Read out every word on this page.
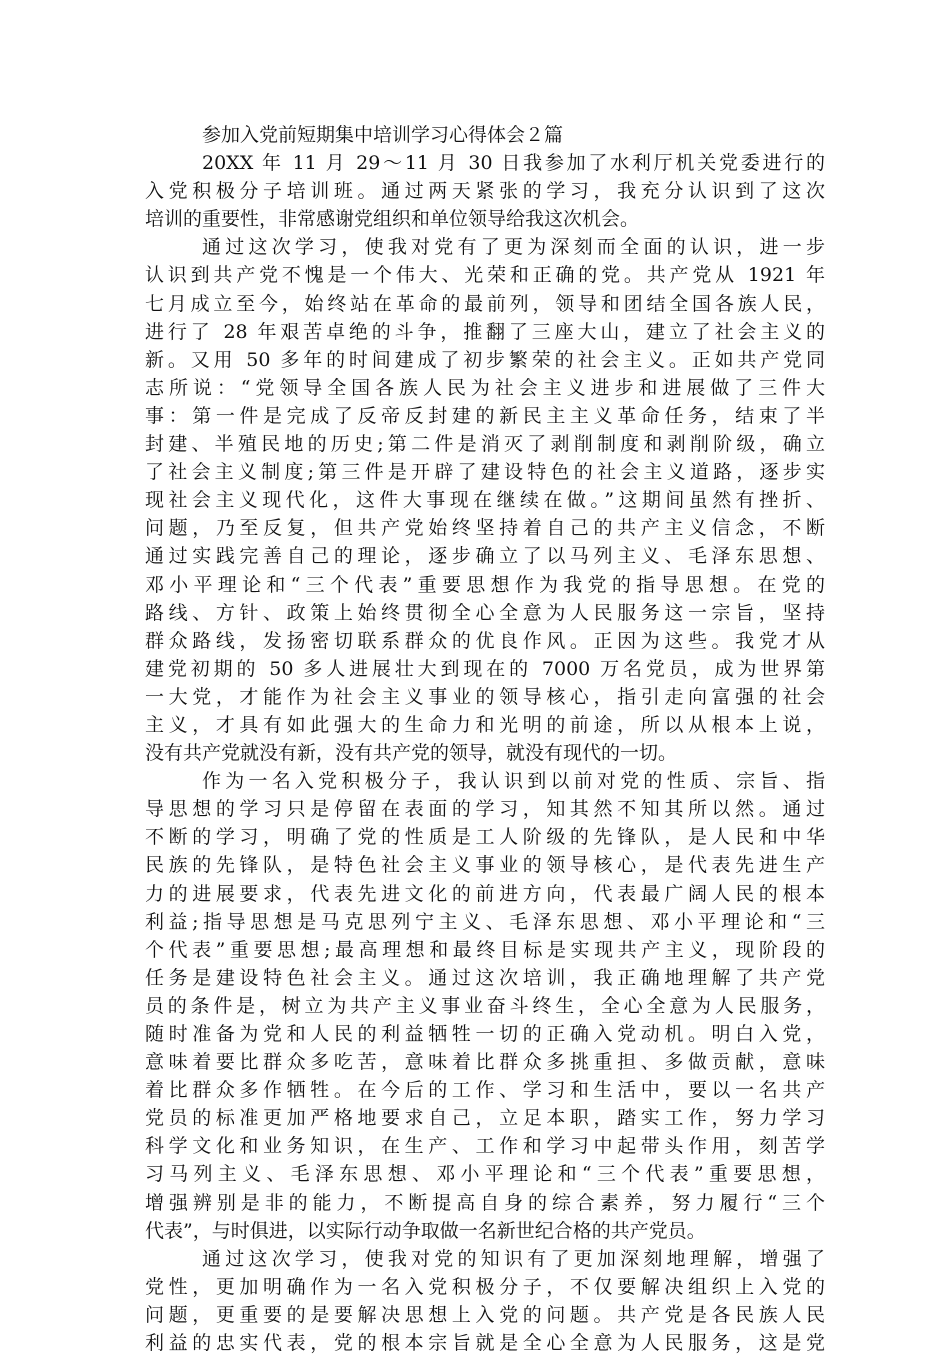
参加入党前短期集中培训学习心得体会２篇
20XX 年 11 月 29～11 月 30 日我参加了水利厅机关党委进行的
入党积极分子培训班。通过两天紧张的学习，我充分认识到了这次
培训的重要性，非常感谢党组织和单位领导给我这次机会。
通过这次学习，使我对党有了更为深刻而全面的认识，进一步
认识到共产党不愧是一个伟大、光荣和正确的党。共产党从 1921 年
七月成立至今，始终站在革命的最前列，领导和团结全国各族人民，
进行了 28 年艰苦卓绝的斗争，推翻了三座大山，建立了社会主义的
新。又用 50 多年的时间建成了初步繁荣的社会主义。正如共产党同
志所说：“党领导全国各族人民为社会主义进步和进展做了三件大
事：第一件是完成了反帝反封建的新民主主义革命任务，结束了半
封建、半殖民地的历史;第二件是消灭了剥削制度和剥削阶级，确立
了社会主义制度;第三件是开辟了建设特色的社会主义道路，逐步实
现社会主义现代化，这件大事现在继续在做。”这期间虽然有挫折、
问题，乃至反复，但共产党始终坚持着自己的共产主义信念，不断
通过实践完善自己的理论，逐步确立了以马列主义、毛泽东思想、
邓小平理论和“三个代表”重要思想作为我党的指导思想。在党的
路线、方针、政策上始终贯彻全心全意为人民服务这一宗旨，坚持
群众路线，发扬密切联系群众的优良作风。正因为这些。我党才从
建党初期的 50 多人进展壮大到现在的 7000 万名党员，成为世界第
一大党，才能作为社会主义事业的领导核心，指引走向富强的社会
主义，才具有如此强大的生命力和光明的前途，所以从根本上说，
没有共产党就没有新，没有共产党的领导，就没有现代的一切。
作为一名入党积极分子，我认识到以前对党的性质、宗旨、指
导思想的学习只是停留在表面的学习，知其然不知其所以然。通过
不断的学习，明确了党的性质是工人阶级的先锋队，是人民和中华
民族的先锋队，是特色社会主义事业的领导核心，是代表先进生产
力的进展要求，代表先进文化的前进方向，代表最广阔人民的根本
利益;指导思想是马克思列宁主义、毛泽东思想、邓小平理论和“三
个代表”重要思想;最高理想和最终目标是实现共产主义，现阶段的
任务是建设特色社会主义。通过这次培训，我正确地理解了共产党
员的条件是，树立为共产主义事业奋斗终生，全心全意为人民服务，
随时准备为党和人民的利益牺牲一切的正确入党动机。明白入党，
意味着要比群众多吃苦，意味着比群众多挑重担、多做贡献，意味
着比群众多作牺牲。在今后的工作、学习和生活中，要以一名共产
党员的标准更加严格地要求自己，立足本职，踏实工作，努力学习
科学文化和业务知识，在生产、工作和学习中起带头作用，刻苦学
习马列主义、毛泽东思想、邓小平理论和“三个代表”重要思想，
增强辨别是非的能力，不断提高自身的综合素养，努力履行“三个
代表”，与时俱进，以实际行动争取做一名新世纪合格的共产党员。
通过这次学习，使我对党的知识有了更加深刻地理解，增强了
党性，更加明确作为一名入党积极分子，不仅要解决组织上入党的
问题，更重要的是要解决思想上入党的问题。共产党是各民族人民
利益的忠实代表，党的根本宗旨就是全心全意为人民服务，这是党
